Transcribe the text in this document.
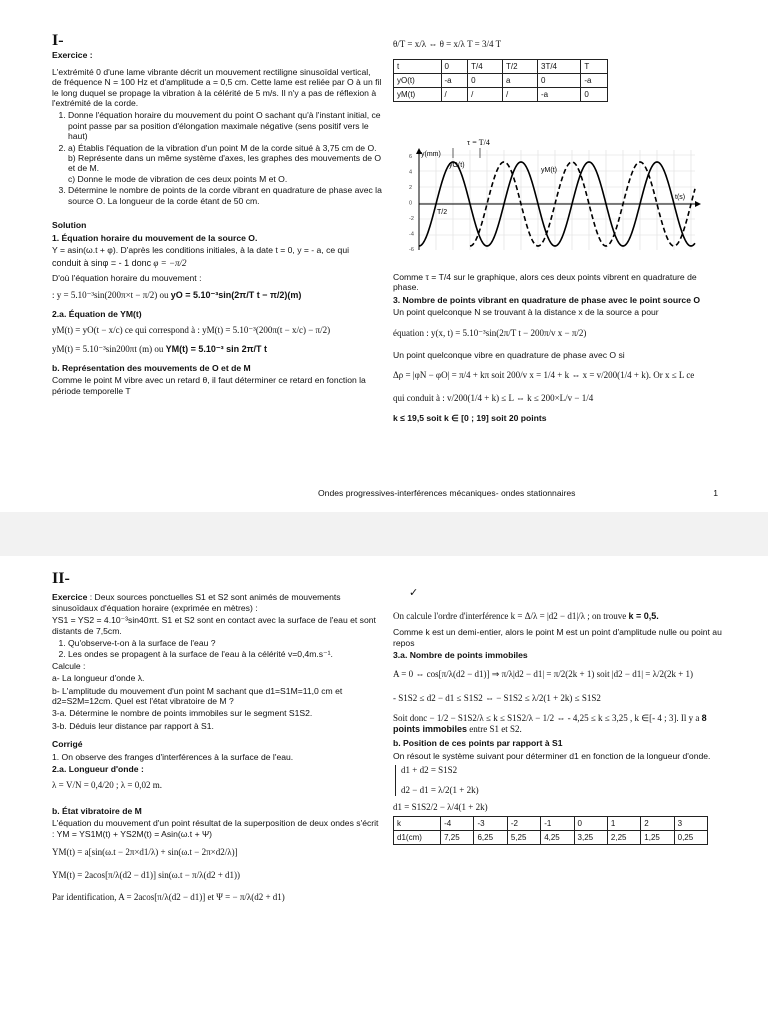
I-

Exercice :

L'extrémité 0 d'une lame vibrante décrit un mouvement rectiligne sinusoïdal vertical, de fréquence N = 100 Hz et d'amplitude a = 0,5 cm. Cette lame est reliée par O à un fil le long duquel se propage la vibration à la célérité de 5 m/s. Il n'y a pas de réflexion à l'extrémité de la corde.

1. Donne l'équation horaire du mouvement du point O sachant qu'à l'instant initial, ce point passe par sa position d'élongation maximale négative (sens positif vers le haut)
2. a) Établis l'équation de la vibration d'un point M de la corde situé à 3,75 cm de O.
b) Représente dans un même système d'axes, les graphes des mouvements de O et de M.
c) Donne le mode de vibration de ces deux points M et O.
3. Détermine le nombre de points de la corde vibrant en quadrature de phase avec la source O. La longueur de la corde étant de 50 cm.

Solution

1. Équation horaire du mouvement de la source O.

Y = asin(ω.t + φ). D'après les conditions initiales, à la date t = 0, y = - a, ce qui

conduit à sinφ = - 1 donc φ = −π/2

D'où l'équation horaire du mouvement :

: y = 5.10⁻³sin(200π×t − π/2) ou yO = 5.10⁻³sin(2π/T t − π/2)(m)

2.a. Équation de YM(t)

yM(t) = yO(t − x/c) ce qui correspond à : yM(t) = 5.10⁻³(200π(t − x/c) − π/2)
yM(t) = 5.10⁻³sin200πt (m) ou YM(t) = 5.10⁻³ sin 2π/T t

b. Représentation des mouvements de O et de M

Comme le point M vibre avec un retard θ, il faut déterminer ce retard en fonction la période temporelle T

θ/T = x/λ ⇔ θ = x/λ T = 3/4 T
t	0	T/4	T/2	3T/4	T
yO(t)	-a	0	a	0	-a
yM(t)	/	/	/	-a	0
6
4
2
0
-2
-4
-6
y(mm)
t(s)
yO(t)
yM(t)
T/2
τ = T/4

Comme τ = T/4 sur le graphique, alors ces deux points vibrent en quadrature de phase.

3. Nombre de points vibrant en quadrature de phase avec le point source O

Un point quelconque N se trouvant à la distance x de la source a pour

équation : y(x, t) = 5.10⁻³sin(2π/T t − 200π/v x − π/2)

Un point quelconque vibre en quadrature de phase avec O si

Δρ = |φN − φO| = π/4 + kπ soit 200/v x = 1/4 + k ⇔ x = v/200(1/4 + k). Or x ≤ L ce
qui conduit à : v/200(1/4 + k) ≤ L ⇔ k ≤ 200×L/v − 1/4

k ≤ 19,5 soit k ∈ [0 ; 19] soit 20 points

Ondes progressives-interférences mécaniques- ondes stationnaires	1
II-

Exercice : Deux sources ponctuelles S1 et S2 sont animés de mouvements sinusoïdaux d'équation horaire (exprimée en mètres) :

YS1 = YS2 = 4.10⁻³sin40πt. S1 et S2 sont en contact avec la surface de l'eau et sont distants de 7,5cm.

1. Qu'observe-t-on à la surface de l'eau ?
2. Les ondes se propagent à la surface de l'eau à la célérité v=0,4m.s⁻¹.

Calcule :

a- La longueur d'onde λ.

b- L'amplitude du mouvement d'un point M sachant que d1=S1M=11,0 cm et d2=S2M=12cm. Quel est l'état vibratoire de M ?

3-a. Détermine le nombre de points immobiles sur le segment S1S2.

3-b. Déduis leur distance par rapport à S1.

Corrigé

1. On observe des franges d'interférences à la surface de l'eau.

2.a. Longueur d'onde :

λ = V/N = 0,4/20 ; λ = 0,02 m.

b. État vibratoire de M

L'équation du mouvement d'un point résultat de la superposition de deux ondes s'écrit : YM = YS1M(t) + YS2M(t) = Asin(ω.t + Ψ)

YM(t) = a[sin(ω.t − 2π×d1/λ) + sin(ω.t − 2π×d2/λ)]
YM(t) = 2acos[π/λ(d2 − d1)] sin(ω.t − π/λ(d2 + d1))
Par identification, A = 2acos[π/λ(d2 − d1)] et Ψ = − π/λ(d2 + d1)
✓
On calcule l'ordre d'interférence k = Δ/λ = |d2 − d1|/λ ; on trouve k = 0,5.

Comme k est un demi-entier, alors le point M est un point d'amplitude nulle ou point au repos

3.a. Nombre de points immobiles

A = 0 ⇔ cos[π/λ(d2 − d1)] ⇒ π/λ|d2 − d1| = π/2(2k + 1) soit |d2 − d1| = λ/2(2k + 1)
- S1S2 ≤ d2 − d1 ≤ S1S2 ⇔ − S1S2 ≤ λ/2(1 + 2k) ≤ S1S2
Soit donc − 1/2 − S1S2/λ ≤ k ≤ S1S2/λ − 1/2 ⇔ - 4,25 ≤ k ≤ 3,25 , k ∈[- 4 ; 3]. Il y a 8 points immobiles entre S1 et S2.

b. Position de ces points par rapport à S1

On résout le système suivant pour déterminer d1 en fonction de la longueur d'onde.

d1 + d2 = S1S2
d2 − d1 = λ/2(1 + 2k)
d1 = S1S2/2 − λ/4(1 + 2k)
k	-4	-3	-2	-1	0	1	2	3
d1(cm)	7,25	6,25	5,25	4,25	3,25	2,25	1,25	0,25
